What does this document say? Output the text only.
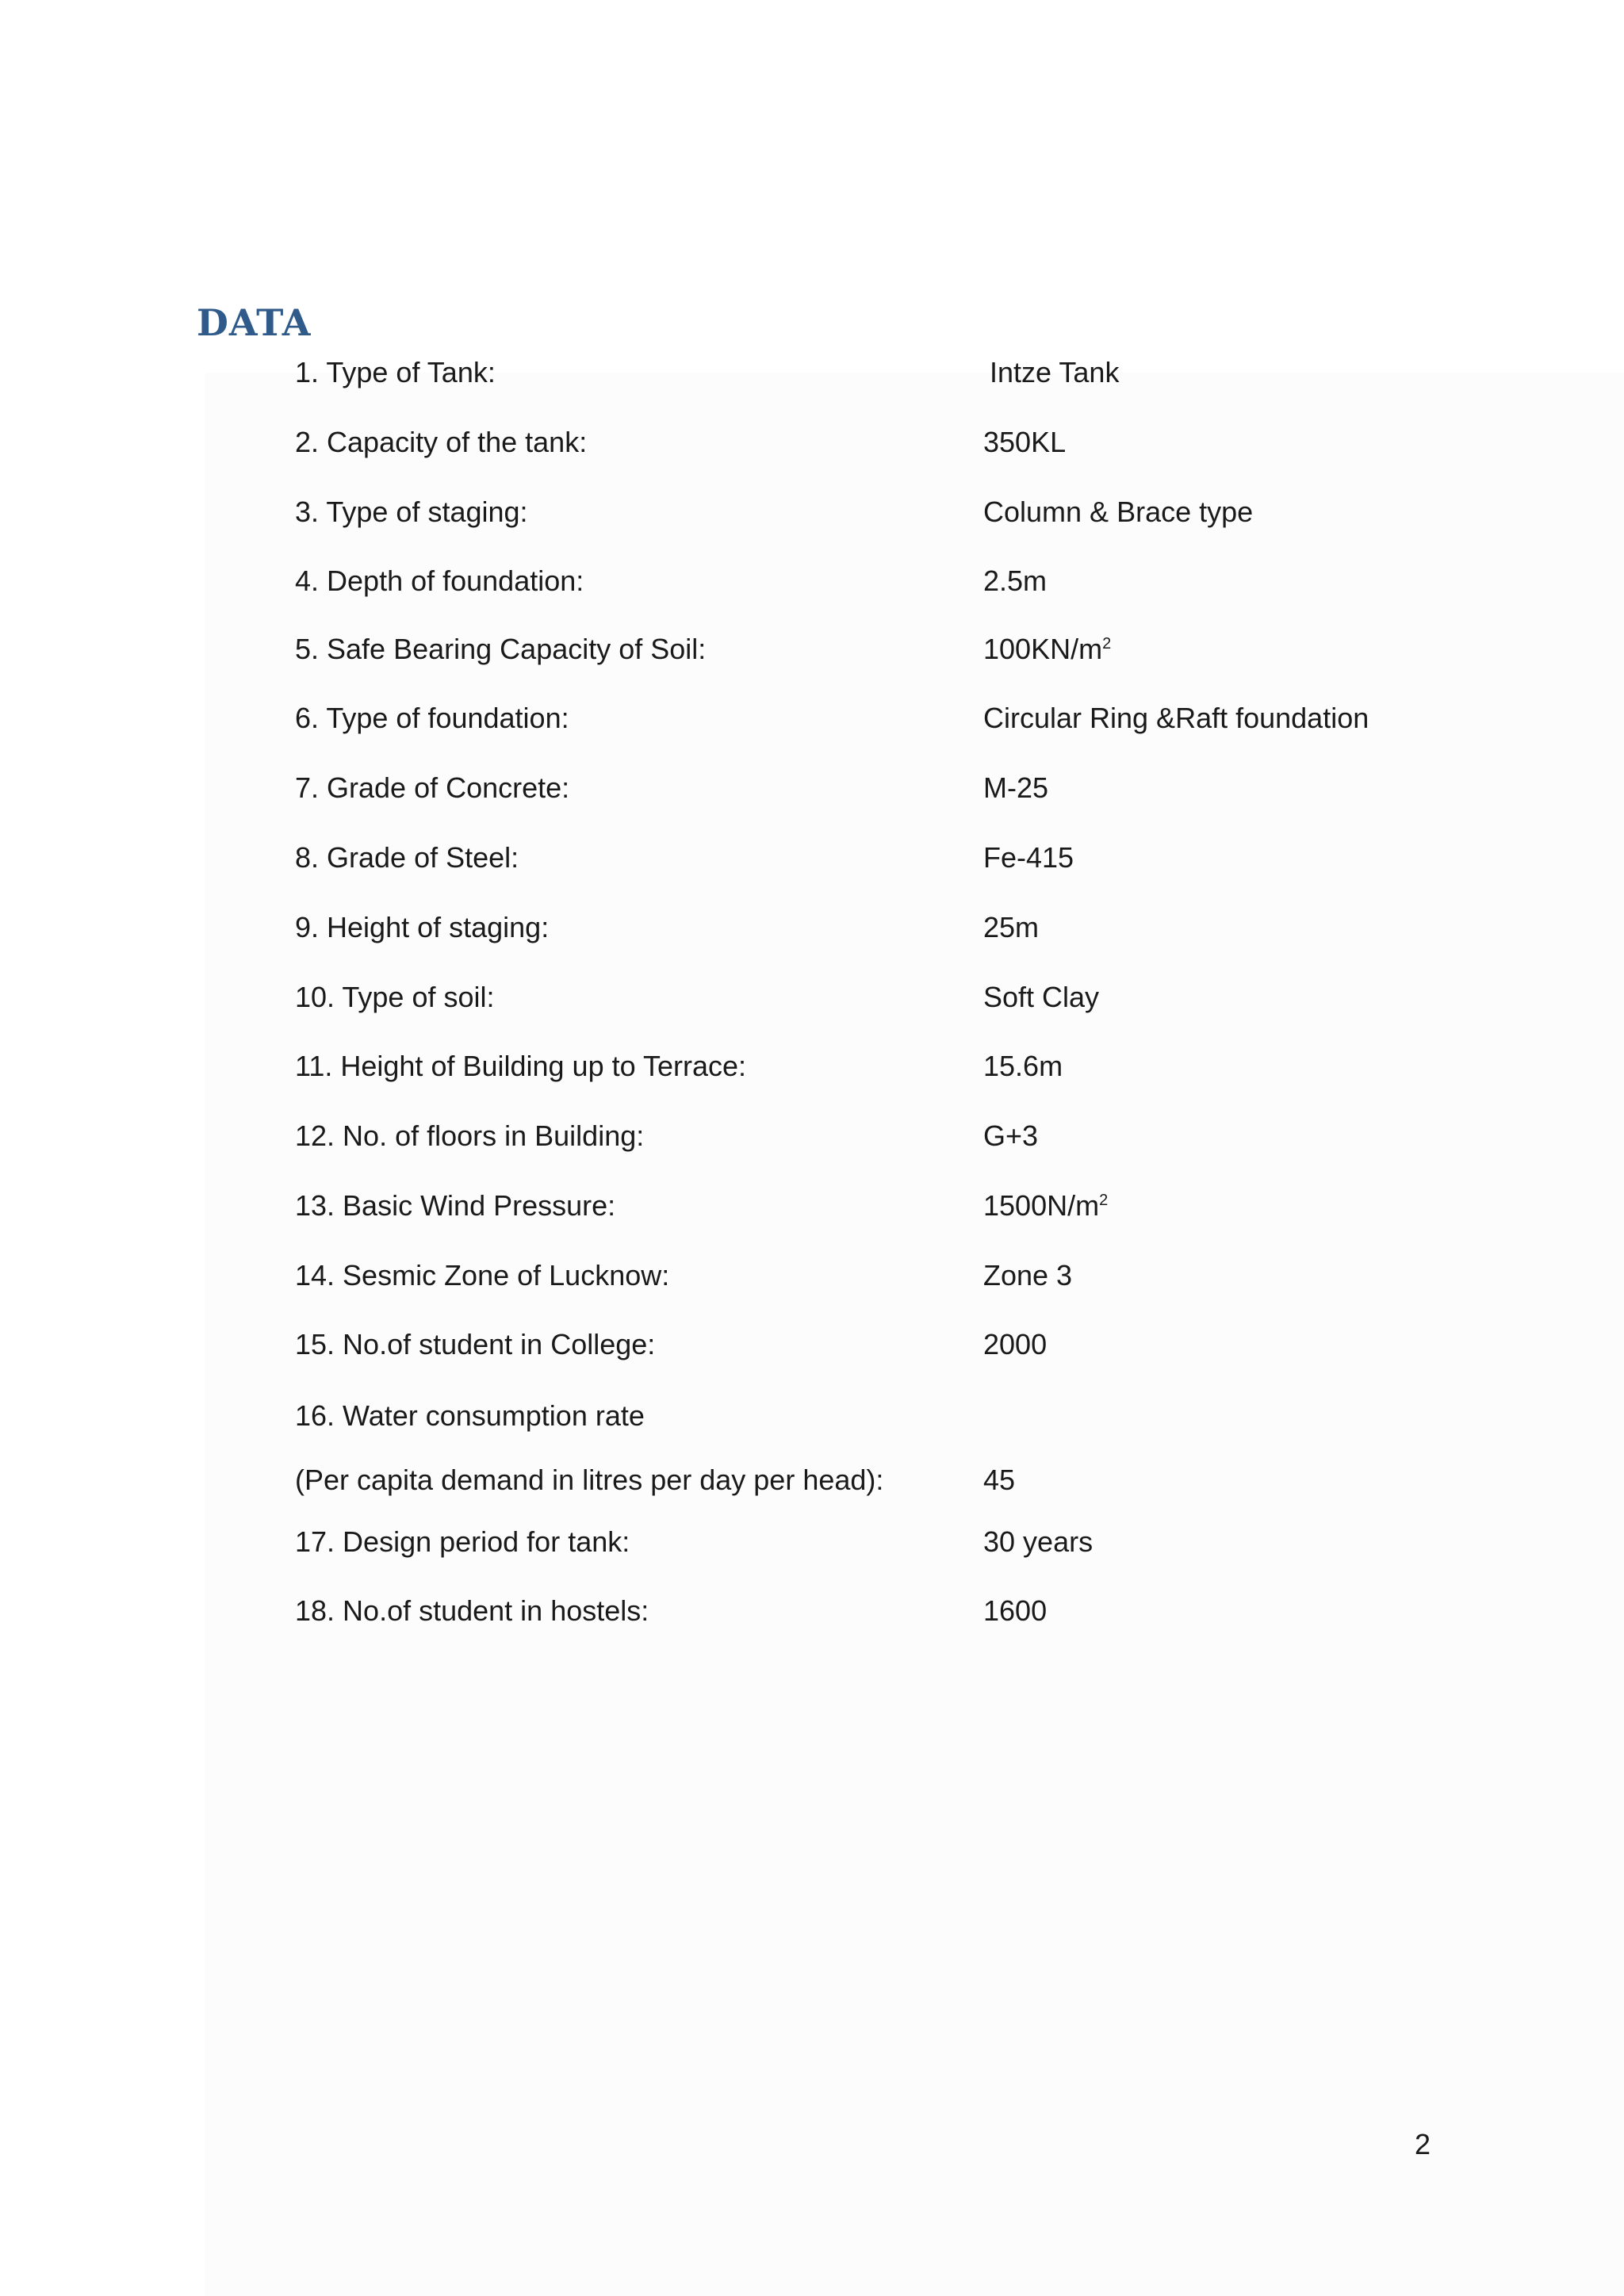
DATA
1. Type of Tank:	Intze Tank
2. Capacity of the tank:	350KL
3. Type of staging:	Column & Brace type
4. Depth of foundation:	2.5m
5. Safe Bearing Capacity of Soil:	$100KN/m^2$
6. Type of foundation:	Circular Ring &Raft foundation
7. Grade of Concrete:	M-25
8. Grade of Steel:	Fe-415
9. Height of staging:	25m
10. Type of soil:	Soft Clay
11. Height of Building up to Terrace:	15.6m
12. No. of floors in Building:	G+3
13. Basic Wind Pressure:	$1500N/m^2$
14. Sesmic Zone of Lucknow:	Zone 3
15. No.of student in College:	2000
16. Water consumption rate
(Per capita demand in litres per day per head):	45
17. Design period for tank:	30 years
18. No.of student in hostels:	1600
2
